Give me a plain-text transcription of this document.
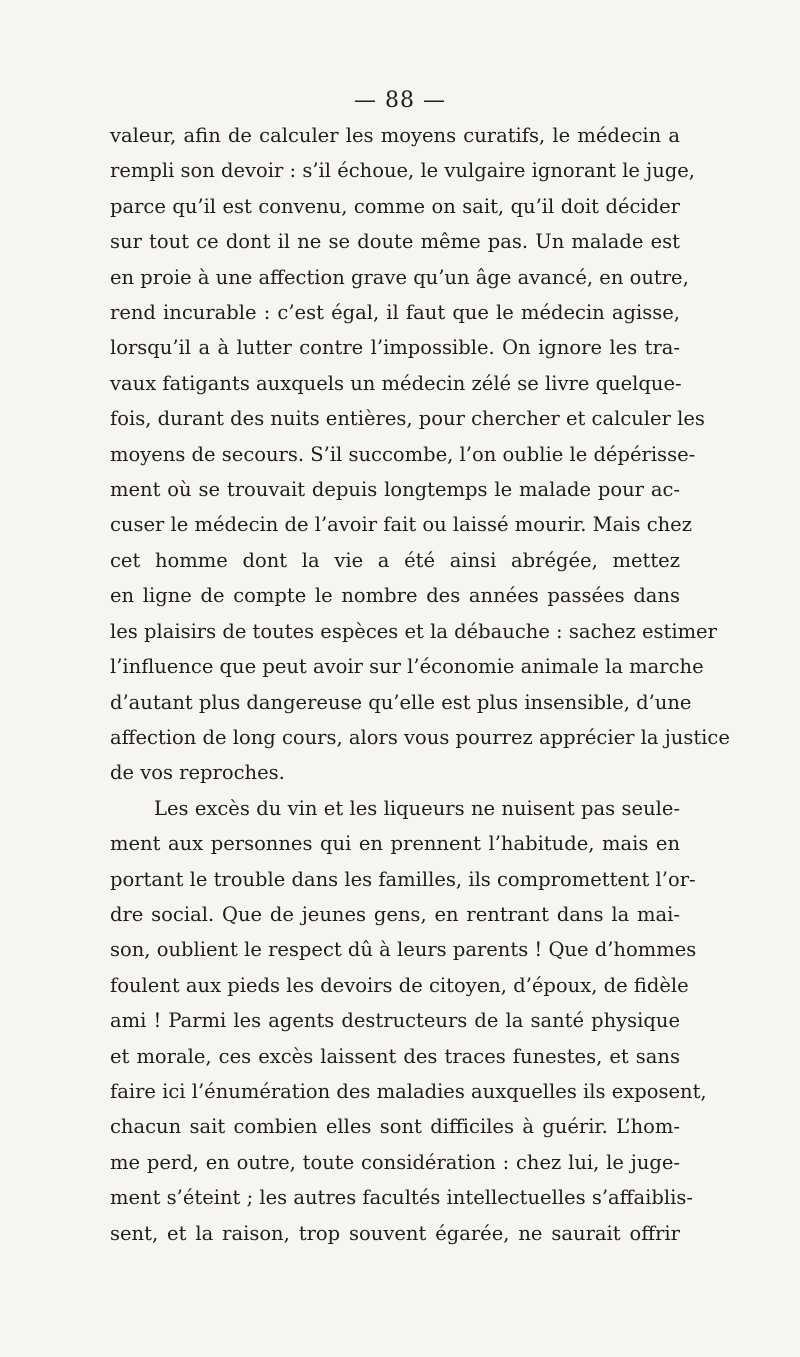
— 88 —

valeur, afin de calculer les moyens curatifs, le médecin a
rempli son devoir : s’il échoue, le vulgaire ignorant le juge,
parce qu’il est convenu, comme on sait, qu’il doit décider
sur tout ce dont il ne se doute même pas. Un malade est
en proie à une affection grave qu’un âge avancé, en outre,
rend incurable : c’est égal, il faut que le médecin agisse,
lorsqu’il a à lutter contre l’impossible. On ignore les tra-
vaux fatigants auxquels un médecin zélé se livre quelque-
fois, durant des nuits entières, pour chercher et calculer les
moyens de secours. S’il succombe, l’on oublie le dépérisse-
ment où se trouvait depuis longtemps le malade pour ac-
cuser le médecin de l’avoir fait ou laissé mourir. Mais chez
cet homme dont la vie a été ainsi abrégée, mettez
en ligne de compte le nombre des années passées dans
les plaisirs de toutes espèces et la débauche : sachez estimer
l’influence que peut avoir sur l’économie animale la marche
d’autant plus dangereuse qu’elle est plus insensible, d’une
affection de long cours, alors vous pourrez apprécier la justice
de vos reproches.

Les excès du vin et les liqueurs ne nuisent pas seule-
ment aux personnes qui en prennent l’habitude, mais en
portant le trouble dans les familles, ils compromettent l’or-
dre social. Que de jeunes gens, en rentrant dans la mai-
son, oublient le respect dû à leurs parents ! Que d’hommes
foulent aux pieds les devoirs de citoyen, d’époux, de fidèle
ami ! Parmi les agents destructeurs de la santé physique
et morale, ces excès laissent des traces funestes, et sans
faire ici l’énumération des maladies auxquelles ils exposent,
chacun sait combien elles sont difficiles à guérir. L’hom-
me perd, en outre, toute considération : chez lui, le juge-
ment s’éteint ; les autres facultés intellectuelles s’affaiblis-
sent, et la raison, trop souvent égarée, ne saurait offrir
